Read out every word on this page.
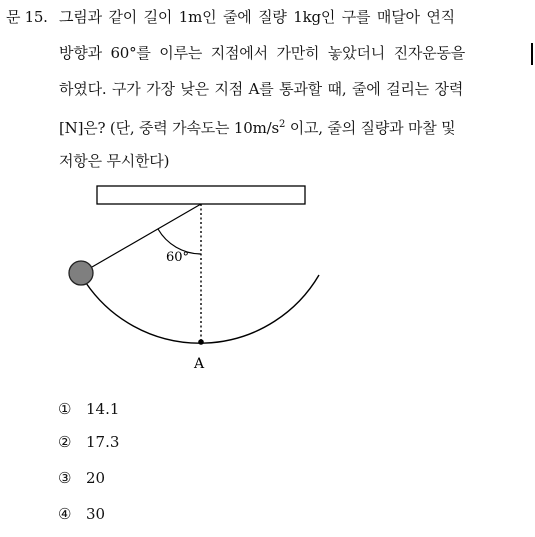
문 15. 그림과 같이 길이 1m인 줄에 질량 1kg인 구를 매달아 연직
방향과 60°를 이루는 지점에서 가만히 놓았더니 진자운동을
하였다. 구가 가장 낮은 지점 A를 통과할 때, 줄에 걸리는 장력
[N]은? (단, 중력 가속도는 $10m/s^2$ 이고, 줄의 질량과 마찰 및
저항은 무시한다)
60°
A
① 14.1
② 17.3
③ 20
④ 30
